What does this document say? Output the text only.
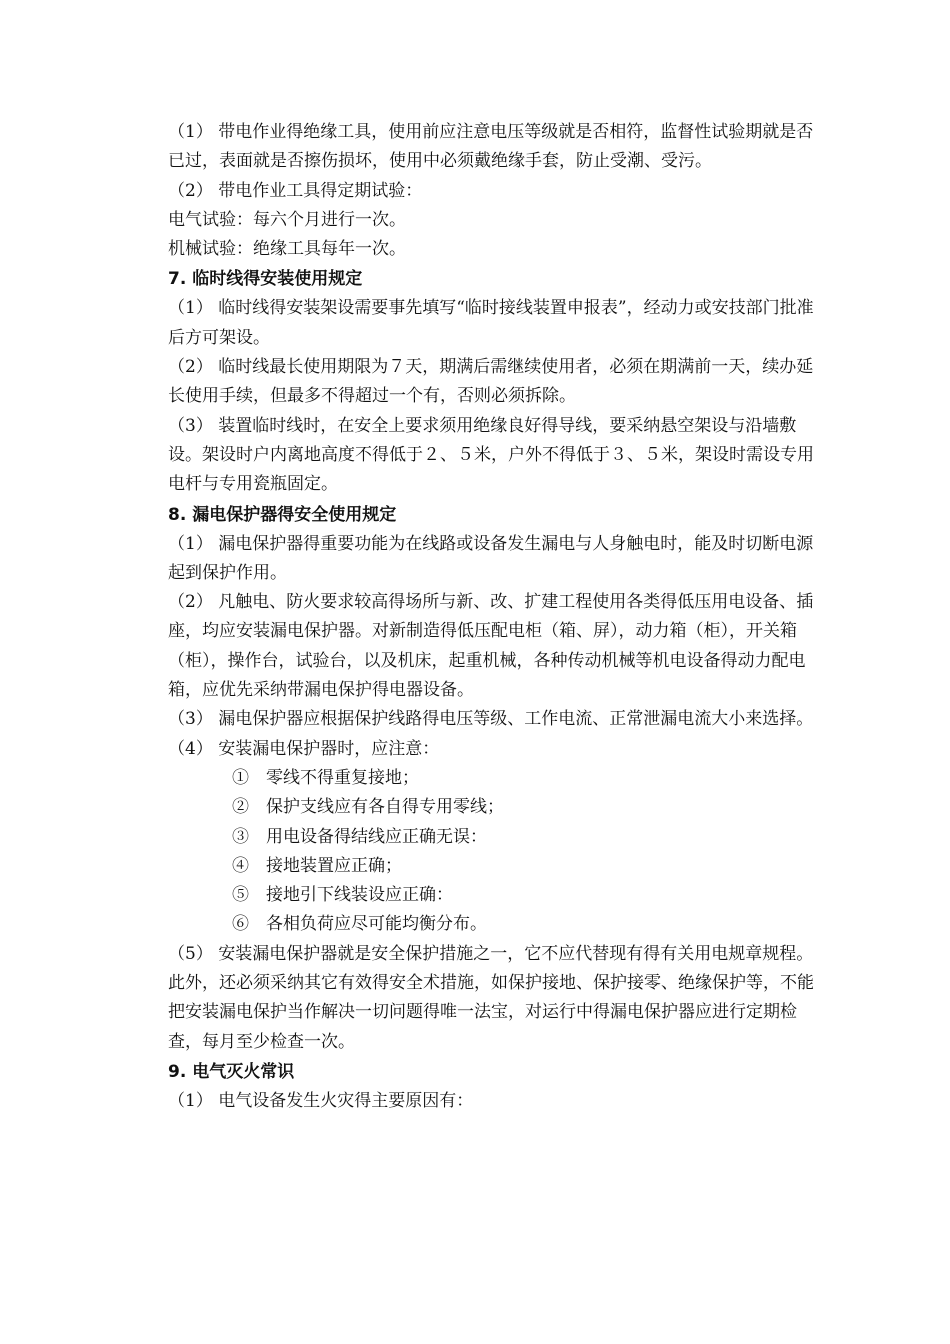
（1） 带电作业得绝缘工具，使用前应注意电压等级就是否相符，监督性试验期就是否已过，表面就是否擦伤损坏，使用中必须戴绝缘手套，防止受潮、受污。

（2） 带电作业工具得定期试验：

电气试验：每六个月进行一次。

机械试验：绝缘工具每年一次。

7. 临时线得安装使用规定

（1） 临时线得安装架设需要事先填写“临时接线装置申报表”，经动力或安技部门批准后方可架设。

（2） 临时线最长使用期限为７天，期满后需继续使用者，必须在期满前一天，续办延长使用手续，但最多不得超过一个有，否则必须拆除。

（3） 装置临时线时，在安全上要求须用绝缘良好得导线，要采纳悬空架设与沿墙敷设。架设时户内离地高度不得低于２、５米，户外不得低于３、５米，架设时需设专用电杆与专用瓷瓶固定。

8. 漏电保护器得安全使用规定

（1） 漏电保护器得重要功能为在线路或设备发生漏电与人身触电时，能及时切断电源起到保护作用。

（2） 凡触电、防火要求较高得场所与新、改、扩建工程使用各类得低压用电设备、插座，均应安装漏电保护器。对新制造得低压配电柜（箱、屏），动力箱（柜），开关箱（柜），操作台，试验台，以及机床，起重机械，各种传动机械等机电设备得动力配电箱，应优先采纳带漏电保护得电器设备。

（3） 漏电保护器应根据保护线路得电压等级、工作电流、正常泄漏电流大小来选择。

（4） 安装漏电保护器时，应注意：

①　零线不得重复接地；

②　保护支线应有各自得专用零线；

③　用电设备得结线应正确无误：

④　接地装置应正确；

⑤　接地引下线装设应正确：

⑥　各相负荷应尽可能均衡分布。

（5） 安装漏电保护器就是安全保护措施之一，它不应代替现有得有关用电规章规程。此外，还必须采纳其它有效得安全术措施，如保护接地、保护接零、绝缘保护等，不能把安装漏电保护当作解决一切问题得唯一法宝，对运行中得漏电保护器应进行定期检查，每月至少检查一次。

9. 电气灭火常识

（1） 电气设备发生火灾得主要原因有：
